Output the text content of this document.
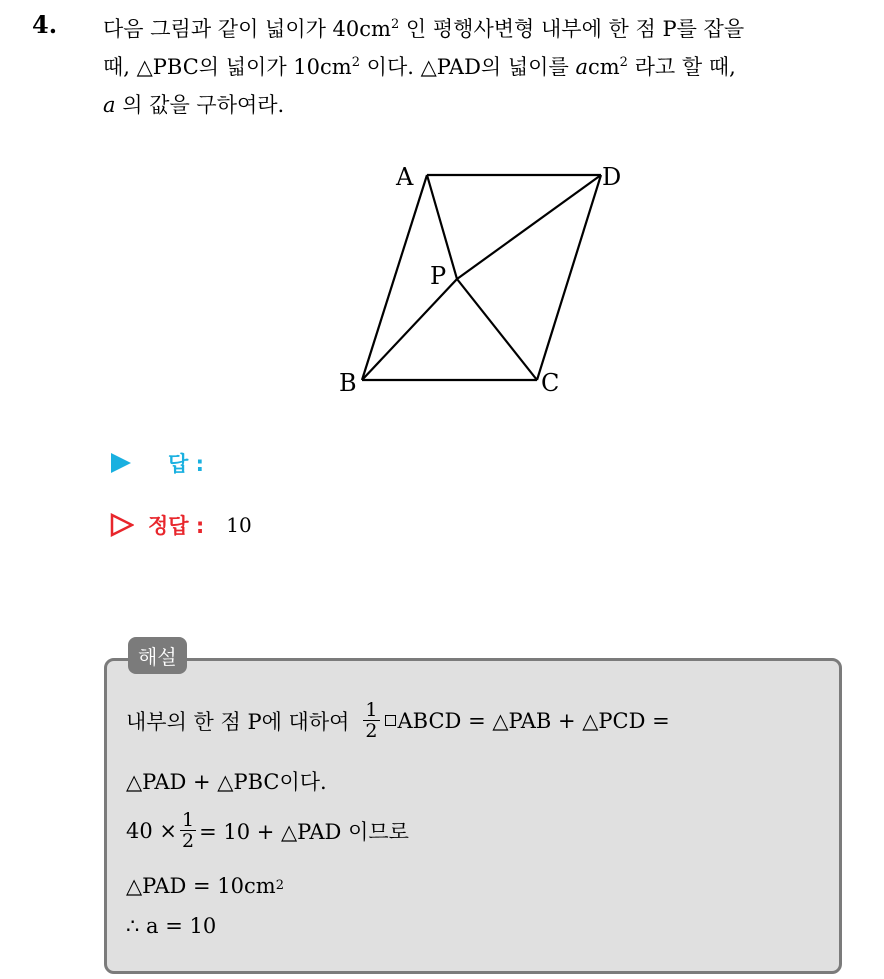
4. 다음 그림과 같이 넓이가 $40cm^2$ 인 평행사변형 내부에 한 점 P를 잡을
때, △PBC의 넓이가 $10cm^2$ 이다. △PAD의 넓이를 acm$^2$ 라고 할 때,
a 의 값을 구하여라.
A	D
P
B	C
답 :
정답 : 10
해설
내부의 한 점 P에 대하여 $\frac{1}{2}$ ABCD = △PAB + △PCD =
△PAD + △PBC이다.
$40 \times \frac{1}{2} = 10$ + △PAD 이므로
△PAD = 10cm 2
∴ a = 10
